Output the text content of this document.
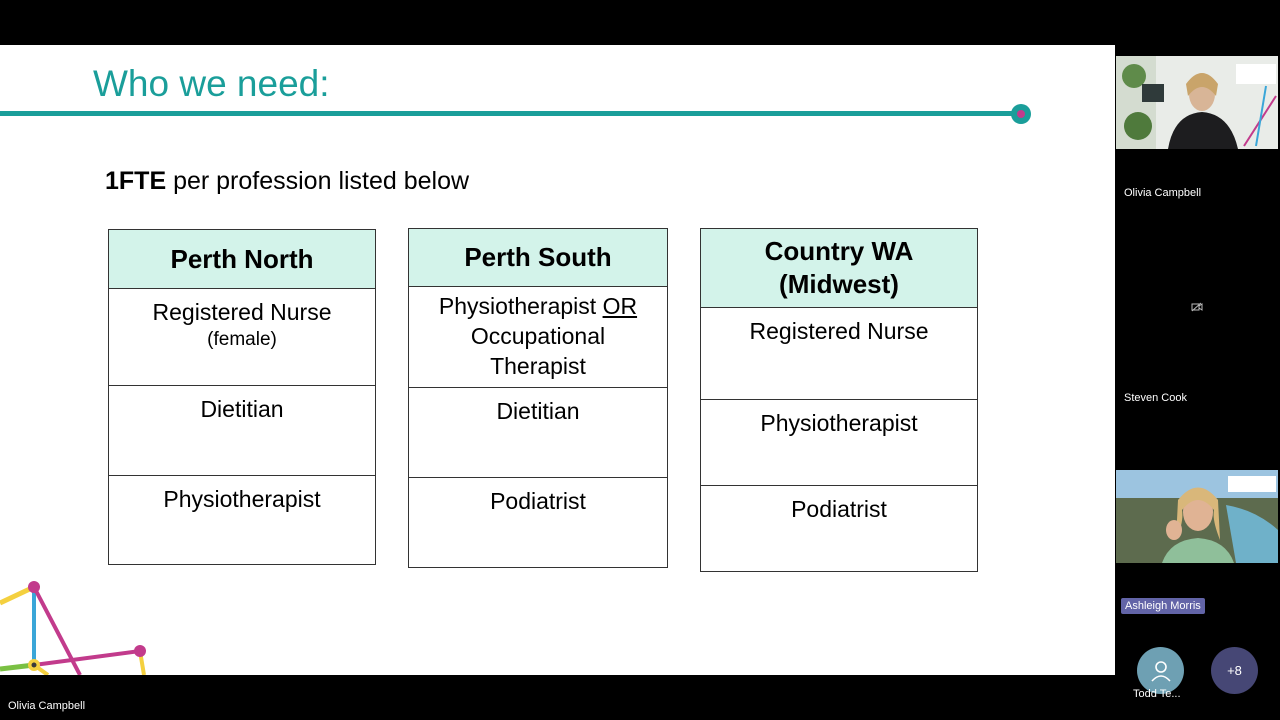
Who we need:
1FTE per profession listed below
Perth North
Registered Nurse
(female)
Dietitian
Physiotherapist
Perth South
Physiotherapist OR
Occupational Therapist
Dietitian
Podiatrist
Country WA
(Midwest)
Registered Nurse
Physiotherapist
Podiatrist
Olivia Campbell
Olivia Campbell
Steven Cook
Ashleigh Morris
Todd Te...
+8
